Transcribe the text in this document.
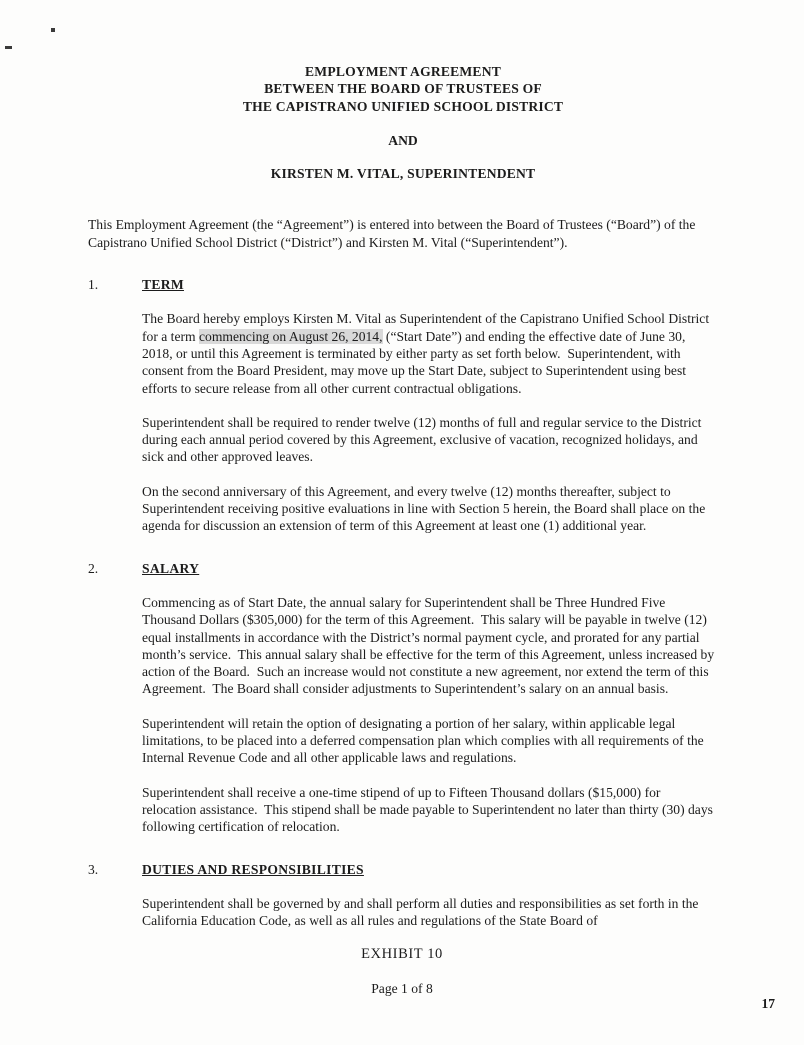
EMPLOYMENT AGREEMENT
BETWEEN THE BOARD OF TRUSTEES OF
THE CAPISTRANO UNIFIED SCHOOL DISTRICT
AND
KIRSTEN M. VITAL, SUPERINTENDENT

This Employment Agreement (the “Agreement”) is entered into between the Board of Trustees (“Board”) of the Capistrano Unified School District (“District”) and Kirsten M. Vital (“Superintendent”).

1.	TERM

The Board hereby employs Kirsten M. Vital as Superintendent of the Capistrano Unified School District for a term commencing on August 26, 2014, (“Start Date”) and ending the effective date of June 30, 2018, or until this Agreement is terminated by either party as set forth below.  Superintendent, with consent from the Board President, may move up the Start Date, subject to Superintendent using best efforts to secure release from all other current contractual obligations.

Superintendent shall be required to render twelve (12) months of full and regular service to the District during each annual period covered by this Agreement, exclusive of vacation, recognized holidays, and sick and other approved leaves.

On the second anniversary of this Agreement, and every twelve (12) months thereafter, subject to Superintendent receiving positive evaluations in line with Section 5 herein, the Board shall place on the agenda for discussion an extension of term of this Agreement at least one (1) additional year.

2.	SALARY

Commencing as of Start Date, the annual salary for Superintendent shall be Three Hundred Five Thousand Dollars ($305,000) for the term of this Agreement.  This salary will be payable in twelve (12) equal installments in accordance with the District’s normal payment cycle, and prorated for any partial month’s service.  This annual salary shall be effective for the term of this Agreement, unless increased by action of the Board.  Such an increase would not constitute a new agreement, nor extend the term of this Agreement.  The Board shall consider adjustments to Superintendent’s salary on an annual basis.

Superintendent will retain the option of designating a portion of her salary, within applicable legal limitations, to be placed into a deferred compensation plan which complies with all requirements of the Internal Revenue Code and all other applicable laws and regulations.

Superintendent shall receive a one-time stipend of up to Fifteen Thousand dollars ($15,000) for relocation assistance.  This stipend shall be made payable to Superintendent no later than thirty (30) days following certification of relocation.

3.	DUTIES AND RESPONSIBILITIES

Superintendent shall be governed by and shall perform all duties and responsibilities as set forth in the California Education Code, as well as all rules and regulations of the State Board of

EXHIBIT 10
Page 1 of 8
17
